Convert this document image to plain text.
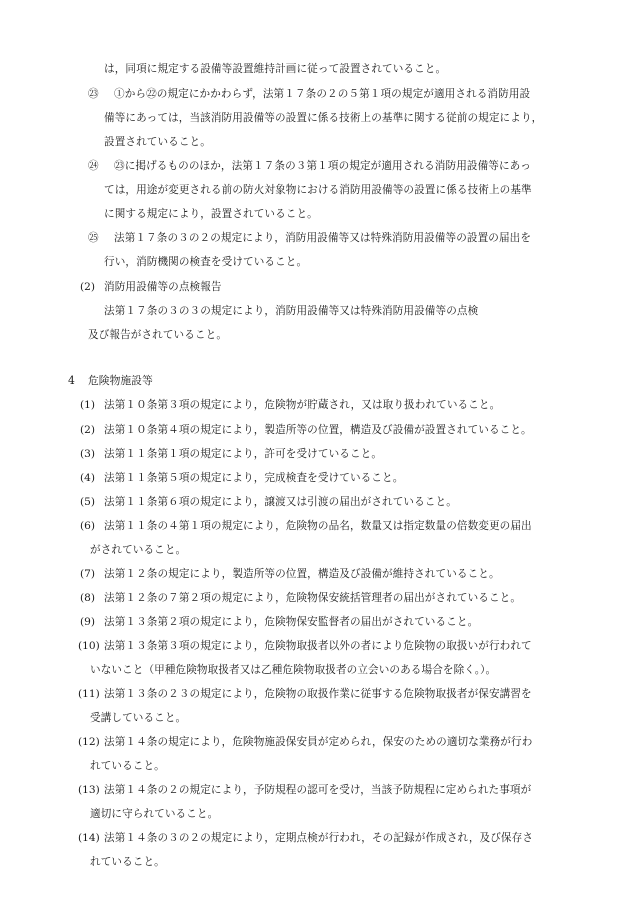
は，同項に規定する設備等設置維持計画に従って設置されていること。
㉓ ①から㉒の規定にかかわらず，法第１７条の２の５第１項の規定が適用される消防用設
備等にあっては，当該消防用設備等の設置に係る技術上の基準に関する従前の規定により，
設置されていること。
㉔ ㉓に掲げるもののほか，法第１７条の３第１項の規定が適用される消防用設備等にあっ
ては，用途が変更される前の防火対象物における消防用設備等の設置に係る技術上の基準
に関する規定により，設置されていること。
㉕ 法第１７条の３の２の規定により，消防用設備等又は特殊消防用設備等の設置の届出を
行い，消防機関の検査を受けていること。
(2) 消防用設備等の点検報告
法第１７条の３の３の規定により，消防用設備等又は特殊消防用設備等の点検
及び報告がされていること。
4 危険物施設等
(1) 法第１０条第３項の規定により，危険物が貯蔵され，又は取り扱われていること。
(2) 法第１０条第４項の規定により，製造所等の位置，構造及び設備が設置されていること。
(3) 法第１１条第１項の規定により，許可を受けていること。
(4) 法第１１条第５項の規定により，完成検査を受けていること。
(5) 法第１１条第６項の規定により，譲渡又は引渡の届出がされていること。
(6) 法第１１条の４第１項の規定により，危険物の品名，数量又は指定数量の倍数変更の届出
がされていること。
(7) 法第１２条の規定により，製造所等の位置，構造及び設備が維持されていること。
(8) 法第１２条の７第２項の規定により，危険物保安統括管理者の届出がされていること。
(9) 法第１３条第２項の規定により，危険物保安監督者の届出がされていること。
(10) 法第１３条第３項の規定により，危険物取扱者以外の者により危険物の取扱いが行われて
いないこと（甲種危険物取扱者又は乙種危険物取扱者の立会いのある場合を除く。）。
(11) 法第１３条の２３の規定により，危険物の取扱作業に従事する危険物取扱者が保安講習を
受講していること。
(12) 法第１４条の規定により，危険物施設保安員が定められ，保安のための適切な業務が行わ
れていること。
(13) 法第１４条の２の規定により，予防規程の認可を受け，当該予防規程に定められた事項が
適切に守られていること。
(14) 法第１４条の３の２の規定により，定期点検が行われ，その記録が作成され，及び保存さ
れていること。
